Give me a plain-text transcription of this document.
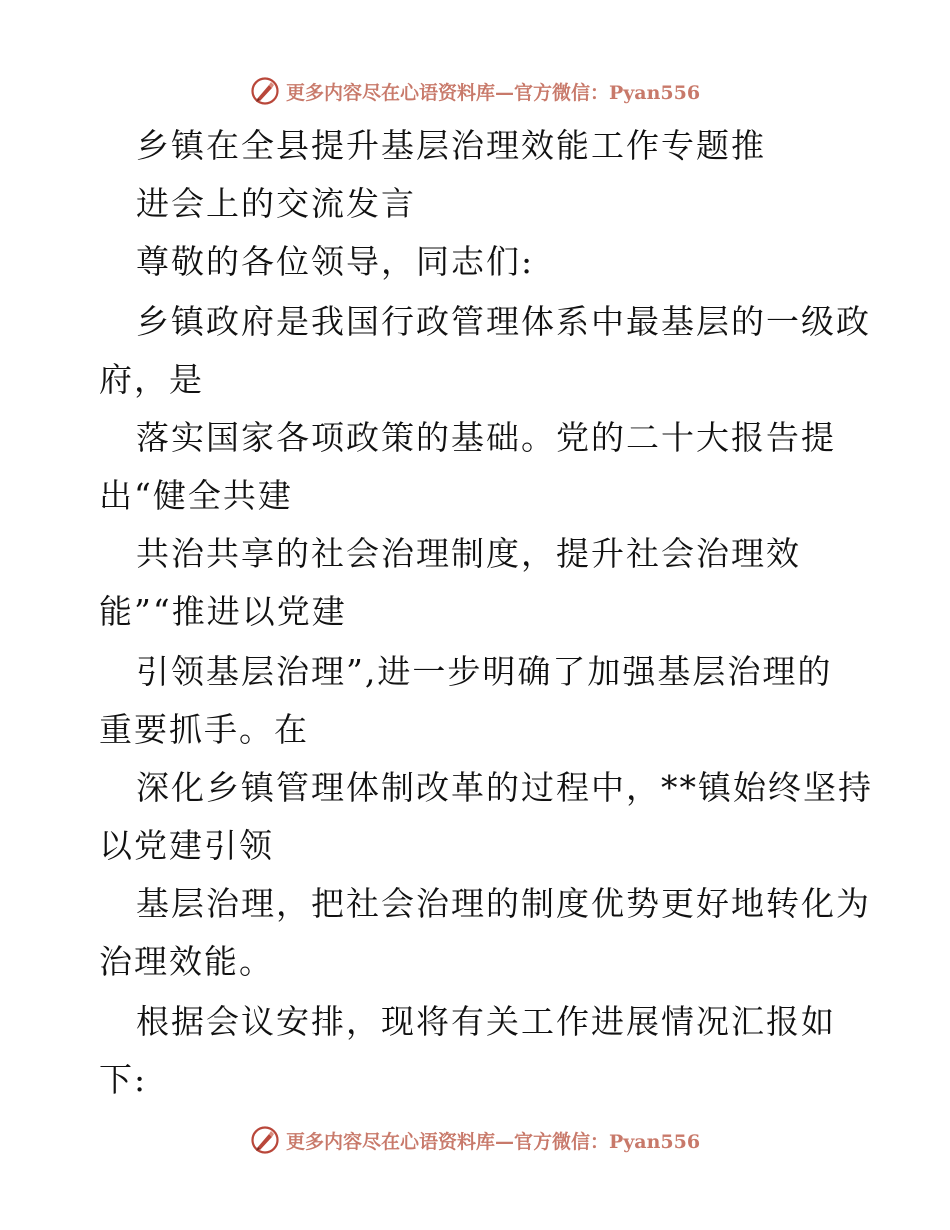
更多内容尽在心语资料库—官方微信：Pyan556
乡镇在全县提升基层治理效能工作专题推
进会上的交流发言
尊敬的各位领导，同志们:
乡镇政府是我国行政管理体系中最基层的一级政
府，是
落实国家各项政策的基础。党的二十大报告提
出“健全共建
共治共享的社会治理制度，提升社会治理效
能”“推进以党建
引领基层治理”,进一步明确了加强基层治理的
重要抓手。在
深化乡镇管理体制改革的过程中，**镇始终坚持
以党建引领
基层治理，把社会治理的制度优势更好地转化为
治理效能。
根据会议安排，现将有关工作进展情况汇报如
下:
更多内容尽在心语资料库—官方微信：Pyan556
